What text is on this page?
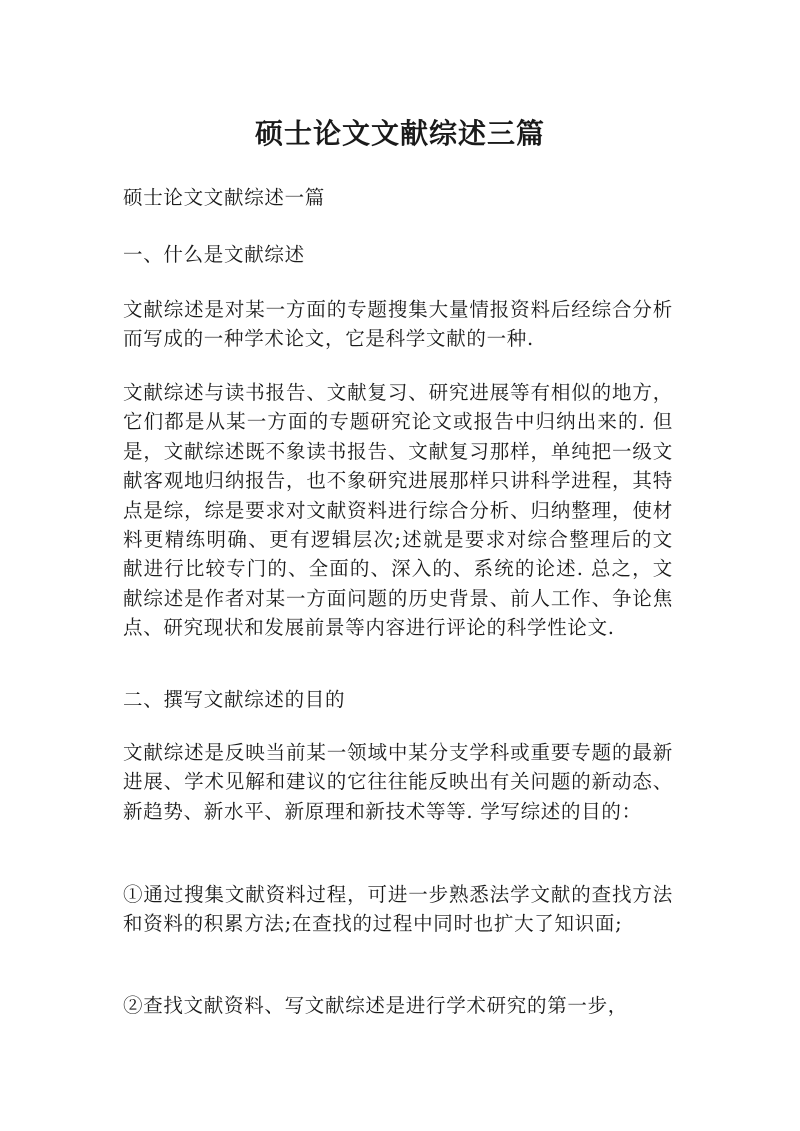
硕士论文文献综述三篇

硕士论文文献综述一篇

一、什么是文献综述

文献综述是对某一方面的专题搜集大量情报资料后经综合分析而写成的一种学术论文，它是科学文献的一种.

文献综述与读书报告、文献复习、研究进展等有相似的地方，它们都是从某一方面的专题研究论文或报告中归纳出来的. 但是，文献综述既不象读书报告、文献复习那样，单纯把一级文献客观地归纳报告，也不象研究进展那样只讲科学进程，其特点是综，综是要求对文献资料进行综合分析、归纳整理，使材料更精练明确、更有逻辑层次;述就是要求对综合整理后的文献进行比较专门的、全面的、深入的、系统的论述. 总之，文献综述是作者对某一方面问题的历史背景、前人工作、争论焦点、研究现状和发展前景等内容进行评论的科学性论文.

二、撰写文献综述的目的

文献综述是反映当前某一领域中某分支学科或重要专题的最新进展、学术见解和建议的它往往能反映出有关问题的新动态、新趋势、新水平、新原理和新技术等等. 学写综述的目的：

①通过搜集文献资料过程，可进一步熟悉法学文献的查找方法和资料的积累方法;在查找的过程中同时也扩大了知识面;

②查找文献资料、写文献综述是进行学术研究的第一步，
